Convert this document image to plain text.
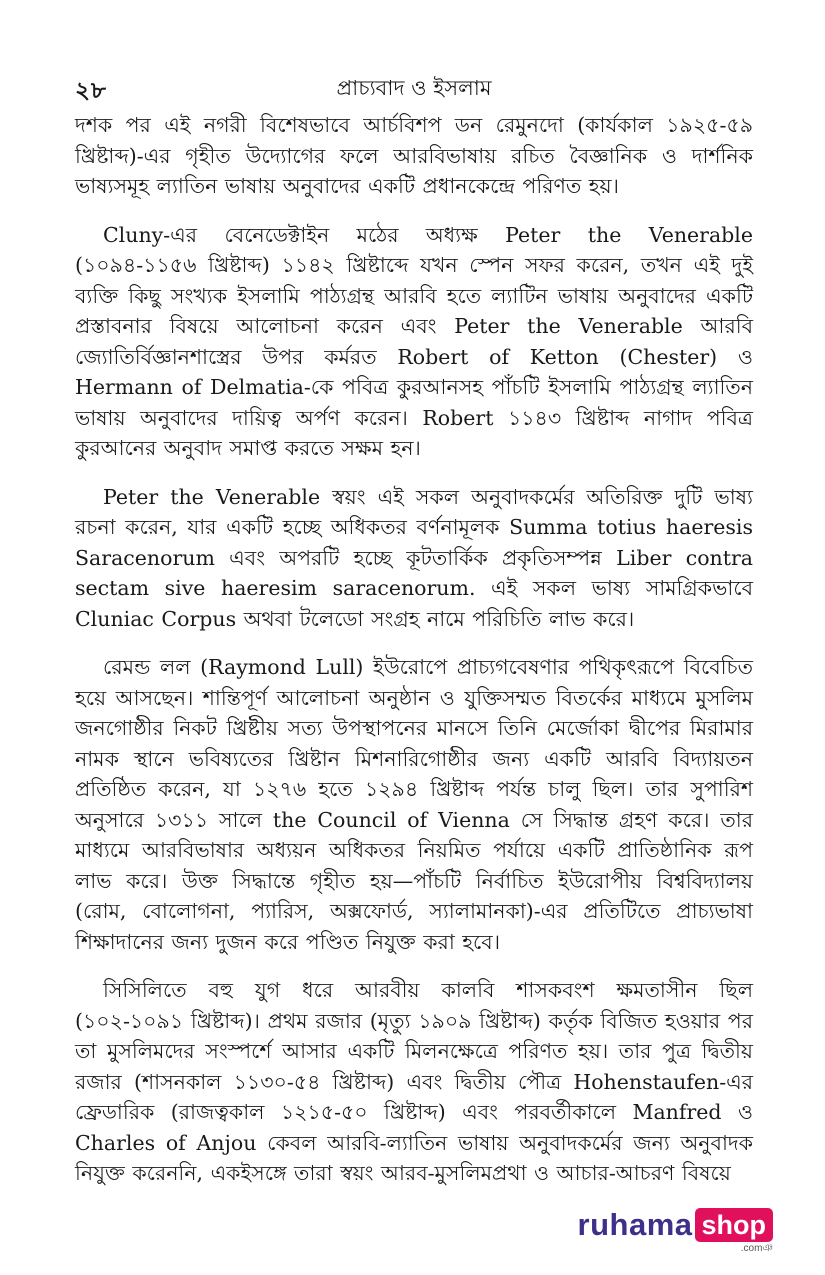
২৮	প্রাচ্যবাদ ও ইসলাম

দশক পর এই নগরী বিশেষভাবে আর্চবিশপ ডন রেমুনদো (কার্যকাল ১৯২৫-৫৯ খ্রিষ্টাব্দ)-এর গৃহীত উদ্যোগের ফলে আরবিভাষায় রচিত বৈজ্ঞানিক ও দার্শনিক ভাষ্যসমূহ ল্যাতিন ভাষায় অনুবাদের একটি প্রধানকেন্দ্রে পরিণত হয়।

Cluny-এর বেনেডেক্টাইন মঠের অধ্যক্ষ Peter the Venerable (১০৯৪-১১৫৬ খ্রিষ্টাব্দ) ১১৪২ খ্রিষ্টাব্দে যখন স্পেন সফর করেন, তখন এই দুই ব্যক্তি কিছু সংখ্যক ইসলামি পাঠ্যগ্রন্থ আরবি হতে ল্যাটিন ভাষায় অনুবাদের একটি প্রস্তাবনার বিষয়ে আলোচনা করেন এবং Peter the Venerable আরবি জ্যোতির্বিজ্ঞানশাস্ত্রের উপর কর্মরত Robert of Ketton (Chester) ও Hermann of Delmatia-কে পবিত্র কুরআনসহ পাঁচটি ইসলামি পাঠ্যগ্রন্থ ল্যাতিন ভাষায় অনুবাদের দায়িত্ব অর্পণ করেন। Robert ১১৪৩ খ্রিষ্টাব্দ নাগাদ পবিত্র কুরআনের অনুবাদ সমাপ্ত করতে সক্ষম হন।

Peter the Venerable স্বয়ং এই সকল অনুবাদকর্মের অতিরিক্ত দুটি ভাষ্য রচনা করেন, যার একটি হচ্ছে অধিকতর বর্ণনামূলক Summa totius haeresis Saracenorum এবং অপরটি হচ্ছে কূটতার্কিক প্রকৃতিসম্পন্ন Liber contra sectam sive haeresim saracenorum. এই সকল ভাষ্য সামগ্রিকভাবে Cluniac Corpus অথবা টলেডো সংগ্রহ নামে পরিচিতি লাভ করে।

রেমন্ড লল (Raymond Lull) ইউরোপে প্রাচ্যগবেষণার পথিকৃৎরূপে বিবেচিত হয়ে আসছেন। শান্তিপূর্ণ আলোচনা অনুষ্ঠান ও যুক্তিসম্মত বিতর্কের মাধ্যমে মুসলিম জনগোষ্ঠীর নিকট খ্রিষ্টীয় সত্য উপস্থাপনের মানসে তিনি মের্জোকা দ্বীপের মিরামার নামক স্থানে ভবিষ্যতের খ্রিষ্টান মিশনারিগোষ্ঠীর জন্য একটি আরবি বিদ্যায়তন প্রতিষ্ঠিত করেন, যা ১২৭৬ হতে ১২৯৪ খ্রিষ্টাব্দ পর্যন্ত চালু ছিল। তার সুপারিশ অনুসারে ১৩১১ সালে the Council of Vienna সে সিদ্ধান্ত গ্রহণ করে। তার মাধ্যমে আরবিভাষার অধ্যয়ন অধিকতর নিয়মিত পর্যায়ে একটি প্রাতিষ্ঠানিক রূপ লাভ করে। উক্ত সিদ্ধান্তে গৃহীত হয়—পাঁচটি নির্বাচিত ইউরোপীয় বিশ্ববিদ্যালয় (রোম, বোলোগনা, প্যারিস, অক্সফোর্ড, স্যালামানকা)-এর প্রতিটিতে প্রাচ্যভাষা শিক্ষাদানের জন্য দুজন করে পণ্ডিত নিযুক্ত করা হবে।

সিসিলিতে বহু যুগ ধরে আরবীয় কালবি শাসকবংশ ক্ষমতাসীন ছিল (১০২-১০৯১ খ্রিষ্টাব্দ)। প্রথম রজার (মৃত্যু ১৯০৯ খ্রিষ্টাব্দ) কর্তৃক বিজিত হওয়ার পর তা মুসলিমদের সংস্পর্শে আসার একটি মিলনক্ষেত্রে পরিণত হয়। তার পুত্র দ্বিতীয় রজার (শাসনকাল ১১৩০-৫৪ খ্রিষ্টাব্দ) এবং দ্বিতীয় পৌত্র Hohenstaufen-এর ফ্রেডারিক (রাজত্বকাল ১২১৫-৫০ খ্রিষ্টাব্দ) এবং পরবর্তীকালে Manfred ও Charles of Anjou কেবল আরবি-ল্যাতিন ভাষায় অনুবাদকর্মের জন্য অনুবাদক নিযুক্ত করেননি, একইসঙ্গে তারা স্বয়ং আরব-মুসলিমপ্রথা ও আচার-আচরণ বিষয়ে

ruhama shop
.comঞ
